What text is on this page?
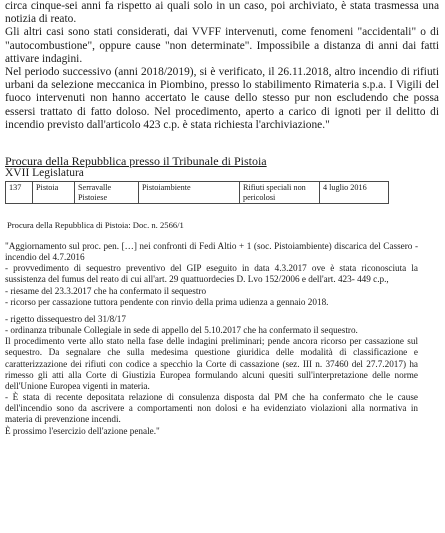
circa cinque-sei anni fa rispetto ai quali solo in un caso, poi archiviato, è stata trasmessa una notizia di reato.

Gli altri casi sono stati considerati, dai VVFF intervenuti, come fenomeni "accidentali" o di "autocombustione", oppure cause "non determinate". Impossibile a distanza di anni dai fatti attivare indagini.

Nel periodo successivo (anni 2018/2019), si è verificato, il 26.11.2018, altro incendio di rifiuti urbani da selezione meccanica in Piombino, presso lo stabilimento Rimateria s.p.a. I Vigili del fuoco intervenuti non hanno accertato le cause dello stesso pur non escludendo che possa essersi trattato di fatto doloso. Nel procedimento, aperto a carico di ignoti per il delitto di incendio previsto dall'articolo 423 c.p. è stata richiesta l'archiviazione."

Procura della Repubblica presso il Tribunale di Pistoia
XVII Legislatura
137	Pistoia	Serravalle Pistoiese	Pistoiambiente	Rifiuti speciali non pericolosi	4 luglio 2016
Procura della Repubblica di Pistoia: Doc. n. 2566/1

"Aggiornamento sul proc. pen. […] nei confronti di Fedi Altio + 1 (soc. Pistoiambiente) discarica del Cassero - incendio del 4.7.2016

- provvedimento di sequestro preventivo del GIP eseguito in data 4.3.2017 ove è stata riconosciuta la sussistenza del fumus del reato di cui all'art. 29 quattuordecies D. Lvo 152/2006 e dell'art. 423- 449 c.p.,

- riesame del 23.3.2017 che ha confermato il sequestro

- ricorso per cassazione tuttora pendente con rinvio della prima udienza a gennaio 2018.

- rigetto dissequestro del 31/8/17

- ordinanza tribunale Collegiale in sede di appello del 5.10.2017 che ha confermato il sequestro.

Il procedimento verte allo stato nella fase delle indagini preliminari; pende ancora ricorso per cassazione sul sequestro. Da segnalare che sulla medesima questione giuridica delle modalità di classificazione e caratterizzazione dei rifiuti con codice a specchio la Corte di cassazione (sez. III n. 37460 del 27.7.2017) ha rimesso gli atti alla Corte di Giustizia Europea formulando alcuni quesiti sull'interpretazione delle norme dell'Unione Europea vigenti in materia.

- È stata di recente depositata relazione di consulenza disposta dal PM che ha confermato che le cause dell'incendio sono da ascrivere a comportamenti non dolosi e ha evidenziato violazioni alla normativa in materia di prevenzione incendi.

È prossimo l'esercizio dell'azione penale."
